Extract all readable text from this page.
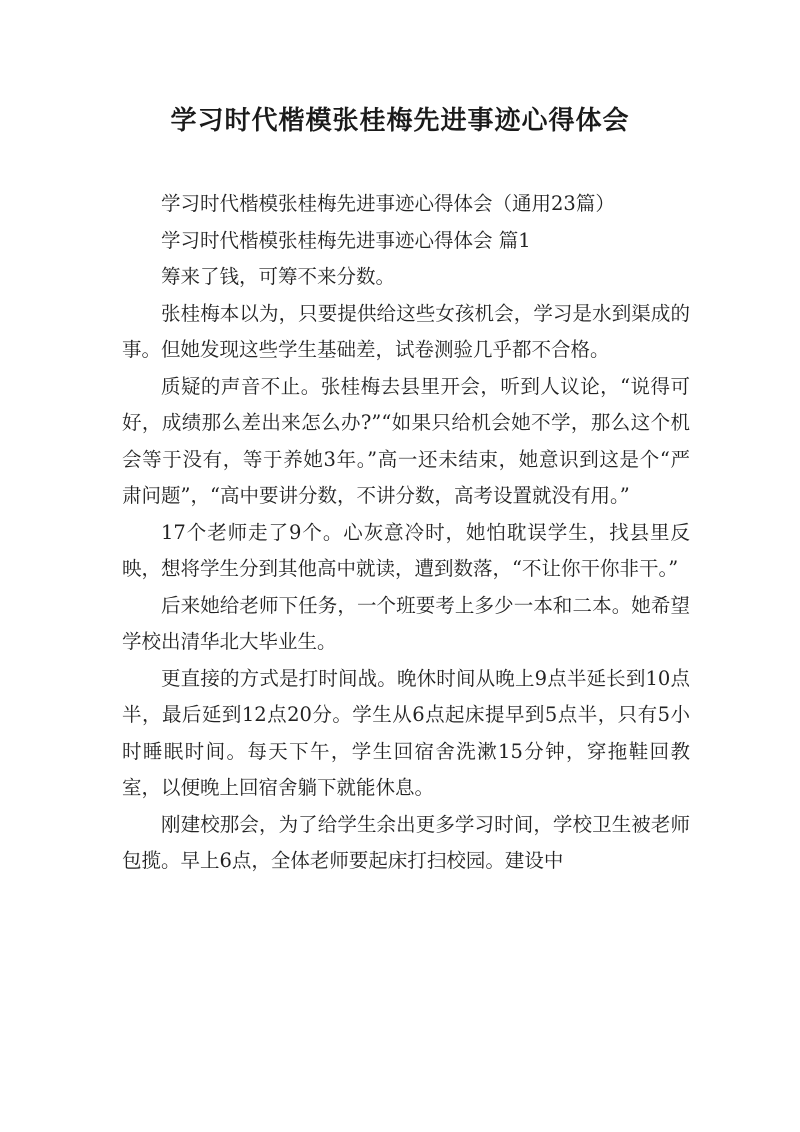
学习时代楷模张桂梅先进事迹心得体会

学习时代楷模张桂梅先进事迹心得体会（通用23篇）

学习时代楷模张桂梅先进事迹心得体会 篇1

筹来了钱，可筹不来分数。

张桂梅本以为，只要提供给这些女孩机会，学习是水到渠成的事。但她发现这些学生基础差，试卷测验几乎都不合格。

质疑的声音不止。张桂梅去县里开会，听到人议论，“说得可好，成绩那么差出来怎么办?”“如果只给机会她不学，那么这个机会等于没有，等于养她3年。”高一还未结束，她意识到这是个“严肃问题”，“高中要讲分数，不讲分数，高考设置就没有用。”

17个老师走了9个。心灰意冷时，她怕耽误学生，找县里反映，想将学生分到其他高中就读，遭到数落，“不让你干你非干。”

后来她给老师下任务，一个班要考上多少一本和二本。她希望学校出清华北大毕业生。

更直接的方式是打时间战。晚休时间从晚上9点半延长到10点半，最后延到12点20分。学生从6点起床提早到5点半，只有5小时睡眠时间。每天下午，学生回宿舍洗漱15分钟，穿拖鞋回教室，以便晚上回宿舍躺下就能休息。

刚建校那会，为了给学生余出更多学习时间，学校卫生被老师包揽。早上6点，全体老师要起床打扫校园。建设中
